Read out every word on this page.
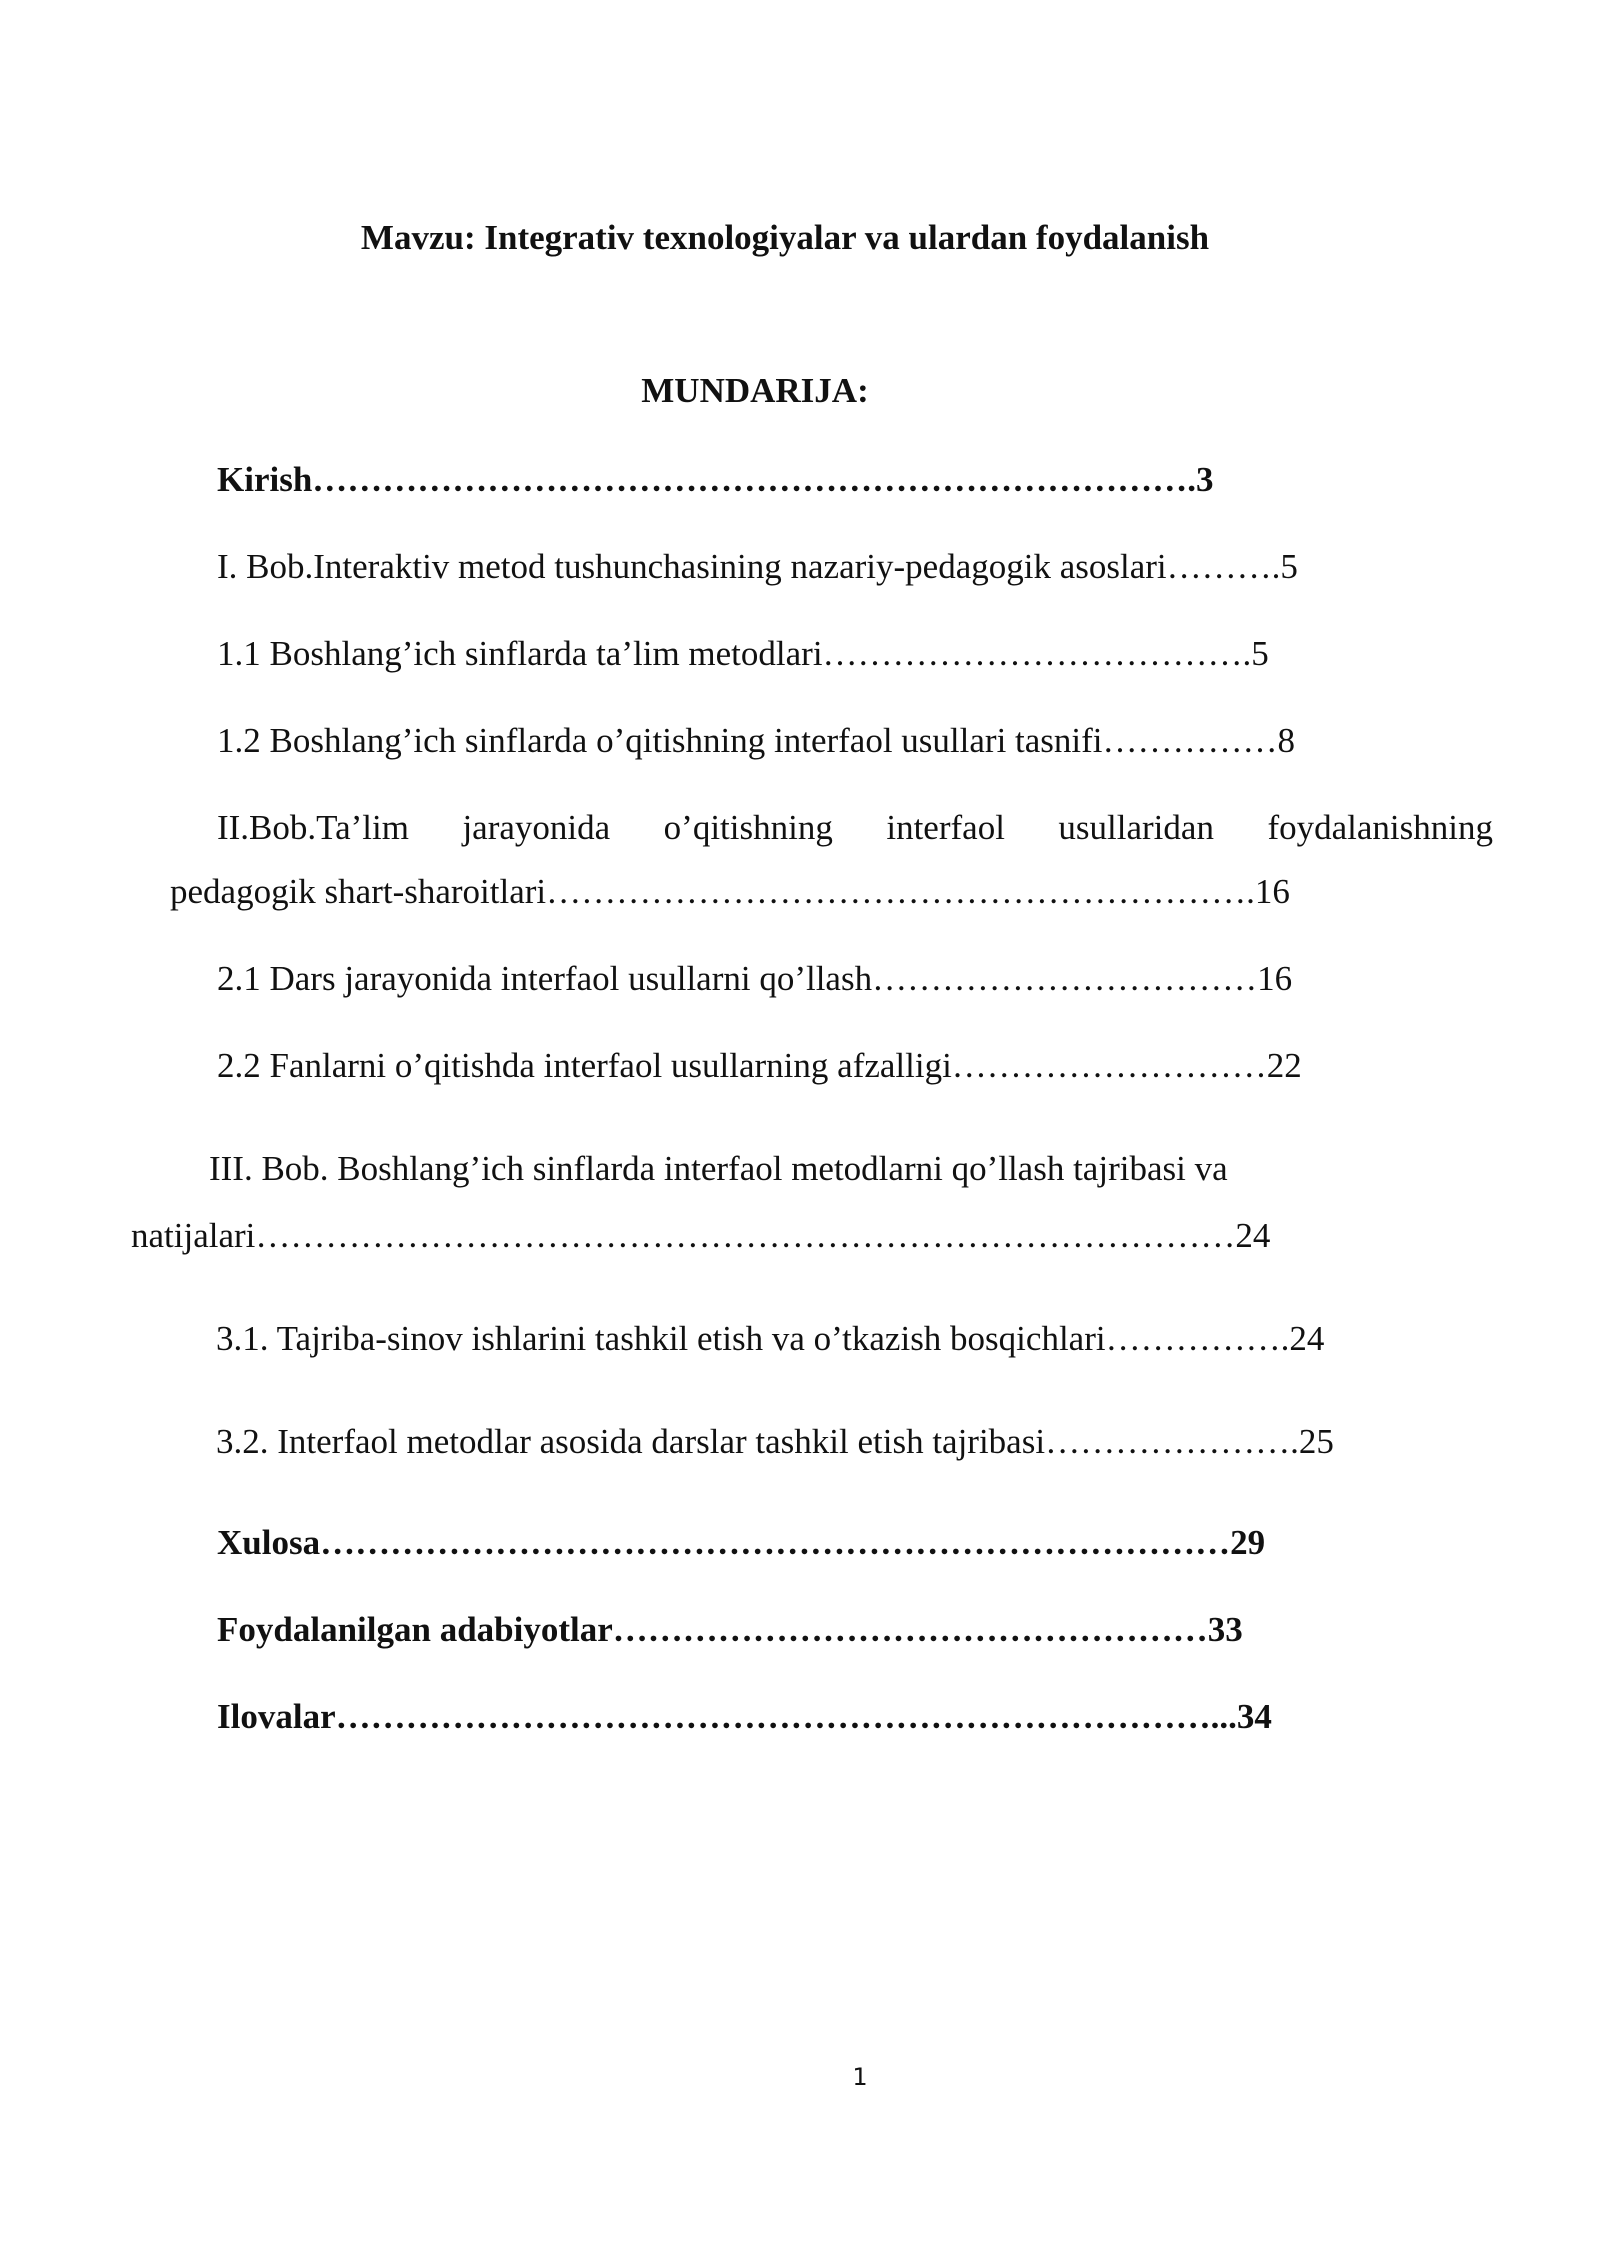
Mavzu: Integrativ texnologiyalar va ulardan foydalanish
MUNDARIJA:
Kirish………………………………………………………………….3
I. Bob.Interaktiv metod tushunchasining nazariy-pedagogik asoslari……….5
1.1 Boshlang’ich sinflarda ta’lim metodlari……………………………….5
1.2 Boshlang’ich sinflarda o’qitishning interfaol usullari tasnifi……………8
II.Bob.Ta’lim jarayonida o’qitishning interfaol usullaridan foydalanishning
pedagogik shart-sharoitlari…………………………………………………….16
2.1 Dars jarayonida interfaol usullarni qo’llash……………………………16
2.2 Fanlarni o’qitishda interfaol usullarning afzalligi………………………22
III. Bob. Boshlang’ich sinflarda interfaol metodlarni qo’llash tajribasi va
natijalari…………………………………………………………………………24
3.1. Tajriba-sinov ishlarini tashkil etish va o’tkazish bosqichlari…………….24
3.2. Interfaol metodlar asosida darslar tashkil etish tajribasi………………….25
Xulosa……………………………………………………………………29
Foydalanilgan adabiyotlar……………………………………………33
Ilovalar…………………………………………………………………...34
1
